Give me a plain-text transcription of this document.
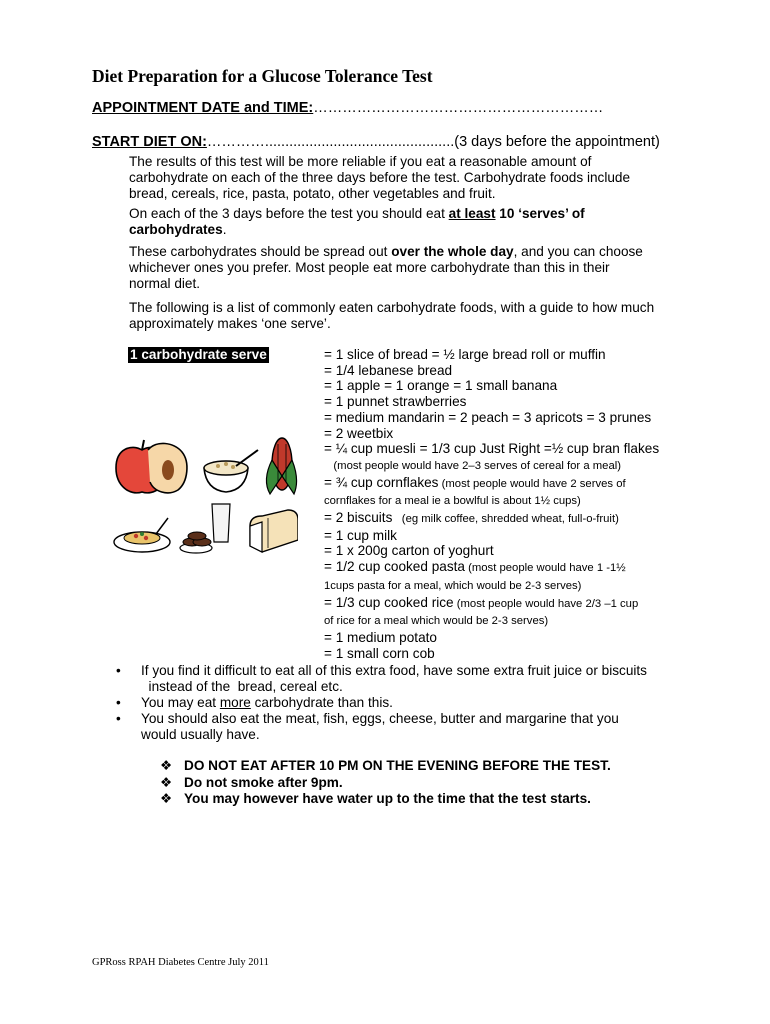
Diet Preparation for a Glucose Tolerance Test
APPOINTMENT DATE and TIME:……………………………………………………
START DIET ON:…………...............................................(3 days before the appointment)
The results of this test will be more reliable if you eat a reasonable amount of
carbohydrate on each of the three days before the test. Carbohydrate foods include
bread, cereals, rice, pasta, potato, other vegetables and fruit.
On each of the 3 days before the test you should eat at least 10 ‘serves’ of
carbohydrates.
These carbohydrates should be spread out over the whole day, and you can choose
whichever ones you prefer. Most people eat more carbohydrate than this in their
normal diet.
The following is a list of commonly eaten carbohydrate foods, with a guide to how much
approximately makes ‘one serve’.
1 carbohydrate serve	= 1 slice of bread = ½ large bread roll or muffin
= 1/4 lebanese bread
= 1 apple = 1 orange = 1 small banana
= 1 punnet strawberries
= medium mandarin = 2 peach = 3 apricots = 3 prunes
= 2 weetbix
= ¼ cup muesli = 1/3 cup Just Right =½ cup bran flakes
(most people would have 2–3 serves of cereal for a meal)
= ¾ cup cornflakes (most people would have 2 serves of
cornflakes for a meal ie a bowlful is about 1½ cups)
= 2 biscuits   (eg milk coffee, shredded wheat, full-o-fruit)
= 1 cup milk
= 1 x 200g carton of yoghurt
= 1/2 cup cooked pasta (most people would have 1 -1½
1cups pasta for a meal, which would be 2-3 serves)
= 1/3 cup cooked rice (most people would have 2/3 –1 cup
of rice for a meal which would be 2-3 serves)
= 1 medium potato
= 1 small corn cob
• If you find it difficult to eat all of this extra food, have some extra fruit juice or biscuits
instead of the  bread, cereal etc.
• You may eat more carbohydrate than this.
• You should also eat the meat, fish, eggs, cheese, butter and margarine that you
would usually have.
❖ DO NOT EAT AFTER 10 PM ON THE EVENING BEFORE THE TEST.
❖ Do not smoke after 9pm.
❖ You may however have water up to the time that the test starts.
GPRoss RPAH Diabetes Centre July 2011
